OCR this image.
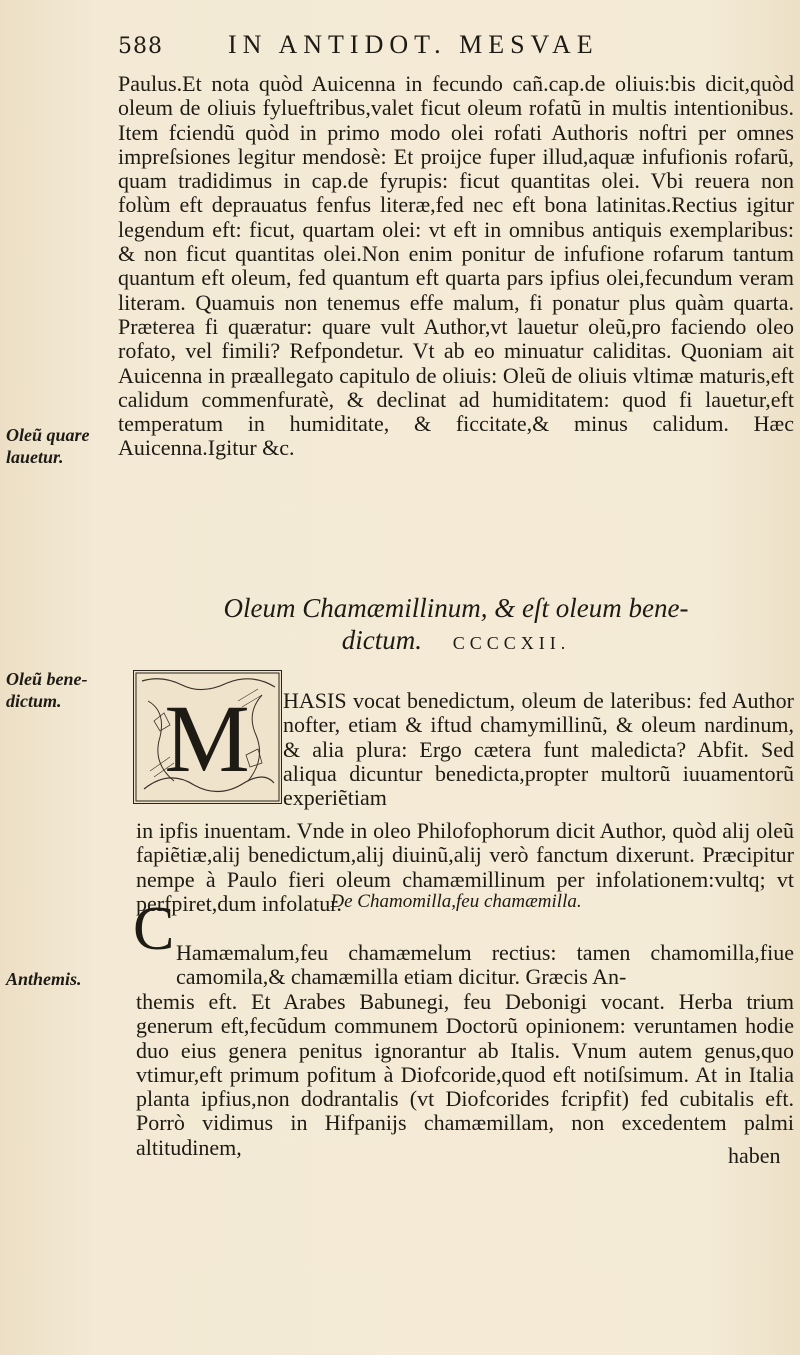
588	IN ANTIDOT. MESVAE

Paulus.Et nota quòd Auicenna in fecundo cañ.cap.de oliuis:bis dicit,quòd oleum de oliuis fylueftribus,valet ficut oleum rofatũ in multis intentionibus. Item fciendũ quòd in primo modo olei rofati Authoris noftri per omnes impreſsiones legitur mendosè: Et proijce fuper illud,aquæ infufionis rofarũ, quam tradidimus in cap.de fyrupis: ficut quantitas olei. Vbi reuera non folùm eft deprauatus fenfus literæ,fed nec eft bona latinitas.Rectius igitur legendum eft: ficut, quartam olei: vt eft in omnibus antiquis exemplaribus: & non ficut quantitas olei.Non enim ponitur de infufione rofarum tantum quantum eft oleum, fed quantum eft quarta pars ipfius olei,fecundum veram literam. Quamuis non tenemus effe malum, fi ponatur plus quàm quarta. Præterea fi quæratur: quare vult Author,vt lauetur oleũ,pro faciendo oleo rofato, vel fimili? Refpondetur. Vt ab eo minuatur caliditas. Quoniam ait Auicenna in præallegato capitulo de oliuis: Oleũ de oliuis vltimæ maturis,eft calidum commenfuratè, & declinat ad humiditatem: quod fi lauetur,eft temperatum in humiditate, & ficcitate,& minus calidum. Hæc Auicenna.Igitur &c.

Oleũ quare
lauetur.
Oleum Chamæmillinum, & eſt oleum bene-
dictum. CCCCXII.
Oleũ bene-
dictum.	M HASIS vocat benedictum, oleum de lateribus: fed Author nofter, etiam & iftud chamymillinũ, & oleum nardinum, & alia plura: Ergo cætera funt maledicta? Abfit. Sed aliqua dicuntur benedicta,propter multorũ iuuamentorũ experiẽtiam

in ipfis inuentam. Vnde in oleo Philofophorum dicit Author, quòd alij oleũ fapiẽtiæ,alij benedictum,alij diuinũ,alij verò fanctum dixerunt. Præcipitur nempe à Paulo fieri oleum chamæmillinum per infolationem:vultq; vt perfpiret,dum infolatur.

De Chamomilla,feu chamæmilla.
C Hamæmalum,feu chamæmelum rectius: tamen chamomilla,fiue camomila,& chamæmilla etiam dicitur. Græcis An-

Anthemis.

themis eft. Et Arabes Babunegi, feu Debonigi vocant. Herba trium generum eft,fecũdum communem Doctorũ opinionem: veruntamen hodie duo eius genera penitus ignorantur ab Italis. Vnum autem genus,quo vtimur,eft primum pofitum à Diofcoride,quod eft notiſsimum. At in Italia planta ipfius,non dodrantalis (vt Diofcorides fcripfit) fed cubitalis eft. Porrò vidimus in Hifpanijs chamæmillam, non excedentem palmi altitudinem,	haben
